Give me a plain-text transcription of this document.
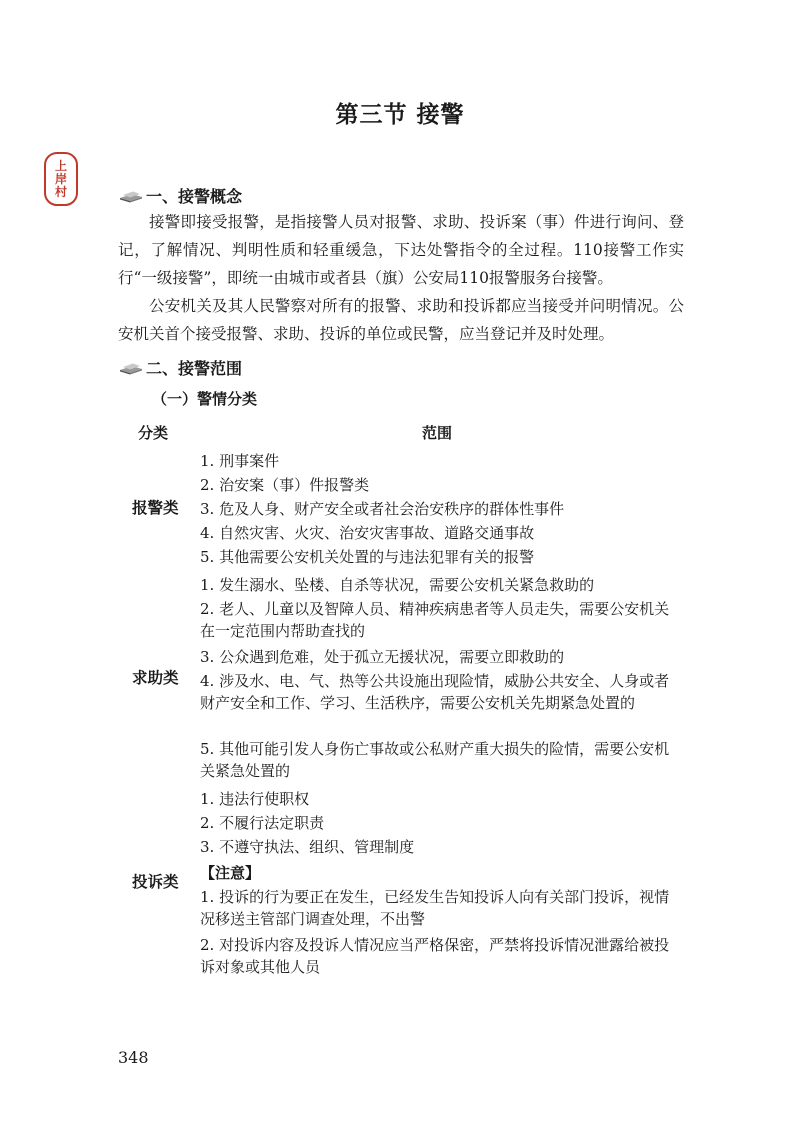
上
岸
村
第三节 接警
一、接警概念
接警即接受报警，是指接警人员对报警、求助、投诉案（事）件进行询问、登记，了解情况、判明性质和轻重缓急，下达处警指令的全过程。110接警工作实行“一级接警”，即统一由城市或者县（旗）公安局110报警服务台接警。
公安机关及其人民警察对所有的报警、求助和投诉都应当接受并问明情况。公安机关首个接受报警、求助、投诉的单位或民警，应当登记并及时处理。
二、接警范围
（一）警情分类
分类	范围
报警类
1. 刑事案件
2. 治安案（事）件报警类
3. 危及人身、财产安全或者社会治安秩序的群体性事件
4. 自然灾害、火灾、治安灾害事故、道路交通事故
5. 其他需要公安机关处置的与违法犯罪有关的报警
求助类
1. 发生溺水、坠楼、自杀等状况，需要公安机关紧急救助的
2. 老人、儿童以及智障人员、精神疾病患者等人员走失，需要公安机关在一定范围内帮助查找的
3. 公众遇到危难，处于孤立无援状况，需要立即救助的
4. 涉及水、电、气、热等公共设施出现险情，威胁公共安全、人身或者财产安全和工作、学习、生活秩序，需要公安机关先期紧急处置的
5. 其他可能引发人身伤亡事故或公私财产重大损失的险情，需要公安机关紧急处置的
投诉类
1. 违法行使职权
2. 不履行法定职责
3. 不遵守执法、组织、管理制度
【注意】
1. 投诉的行为要正在发生，已经发生告知投诉人向有关部门投诉，视情况移送主管部门调查处理，不出警
2. 对投诉内容及投诉人情况应当严格保密，严禁将投诉情况泄露给被投诉对象或其他人员
348
